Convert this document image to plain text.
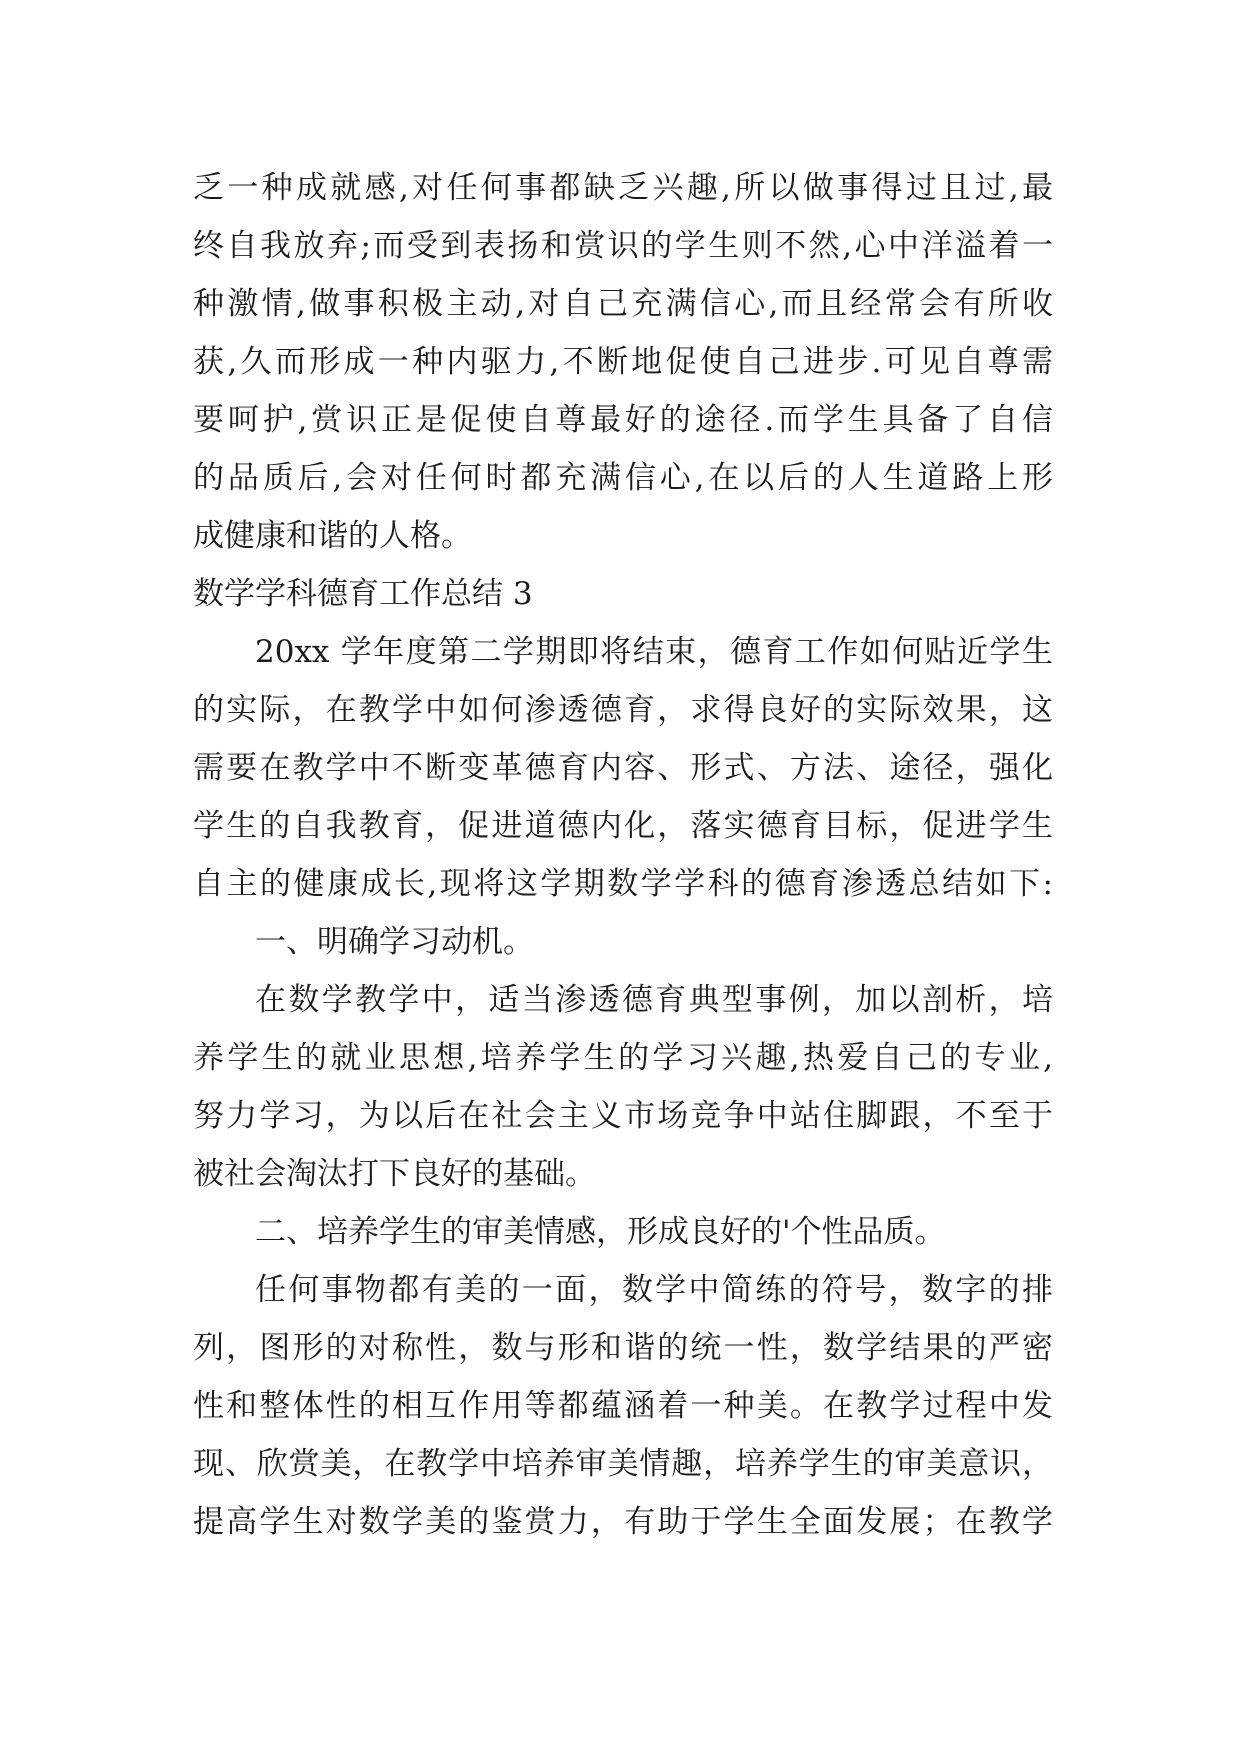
乏一种成就感,对任何事都缺乏兴趣,所以做事得过且过,最
终自我放弃;而受到表扬和赏识的学生则不然,心中洋溢着一
种激情,做事积极主动,对自己充满信心,而且经常会有所收
获,久而形成一种内驱力,不断地促使自己进步.可见自尊需
要呵护,赏识正是促使自尊最好的途径.而学生具备了自信
的品质后,会对任何时都充满信心,在以后的人生道路上形
成健康和谐的人格。
数学学科德育工作总结 3
20xx 学年度第二学期即将结束，德育工作如何贴近学生
的实际，在教学中如何渗透德育，求得良好的实际效果，这
需要在教学中不断变革德育内容、形式、方法、途径，强化
学生的自我教育，促进道德内化，落实德育目标，促进学生
自主的健康成长,现将这学期数学学科的德育渗透总结如下:
一、明确学习动机。
在数学教学中，适当渗透德育典型事例，加以剖析，培
养学生的就业思想,培养学生的学习兴趣,热爱自己的专业,
努力学习，为以后在社会主义市场竞争中站住脚跟，不至于
被社会淘汰打下良好的基础。
二、培养学生的审美情感，形成良好的'个性品质。
任何事物都有美的一面，数学中简练的符号，数字的排
列，图形的对称性，数与形和谐的统一性，数学结果的严密
性和整体性的相互作用等都蕴涵着一种美。在教学过程中发
现、欣赏美，在教学中培养审美情趣，培养学生的审美意识，
提高学生对数学美的鉴赏力，有助于学生全面发展；在教学
